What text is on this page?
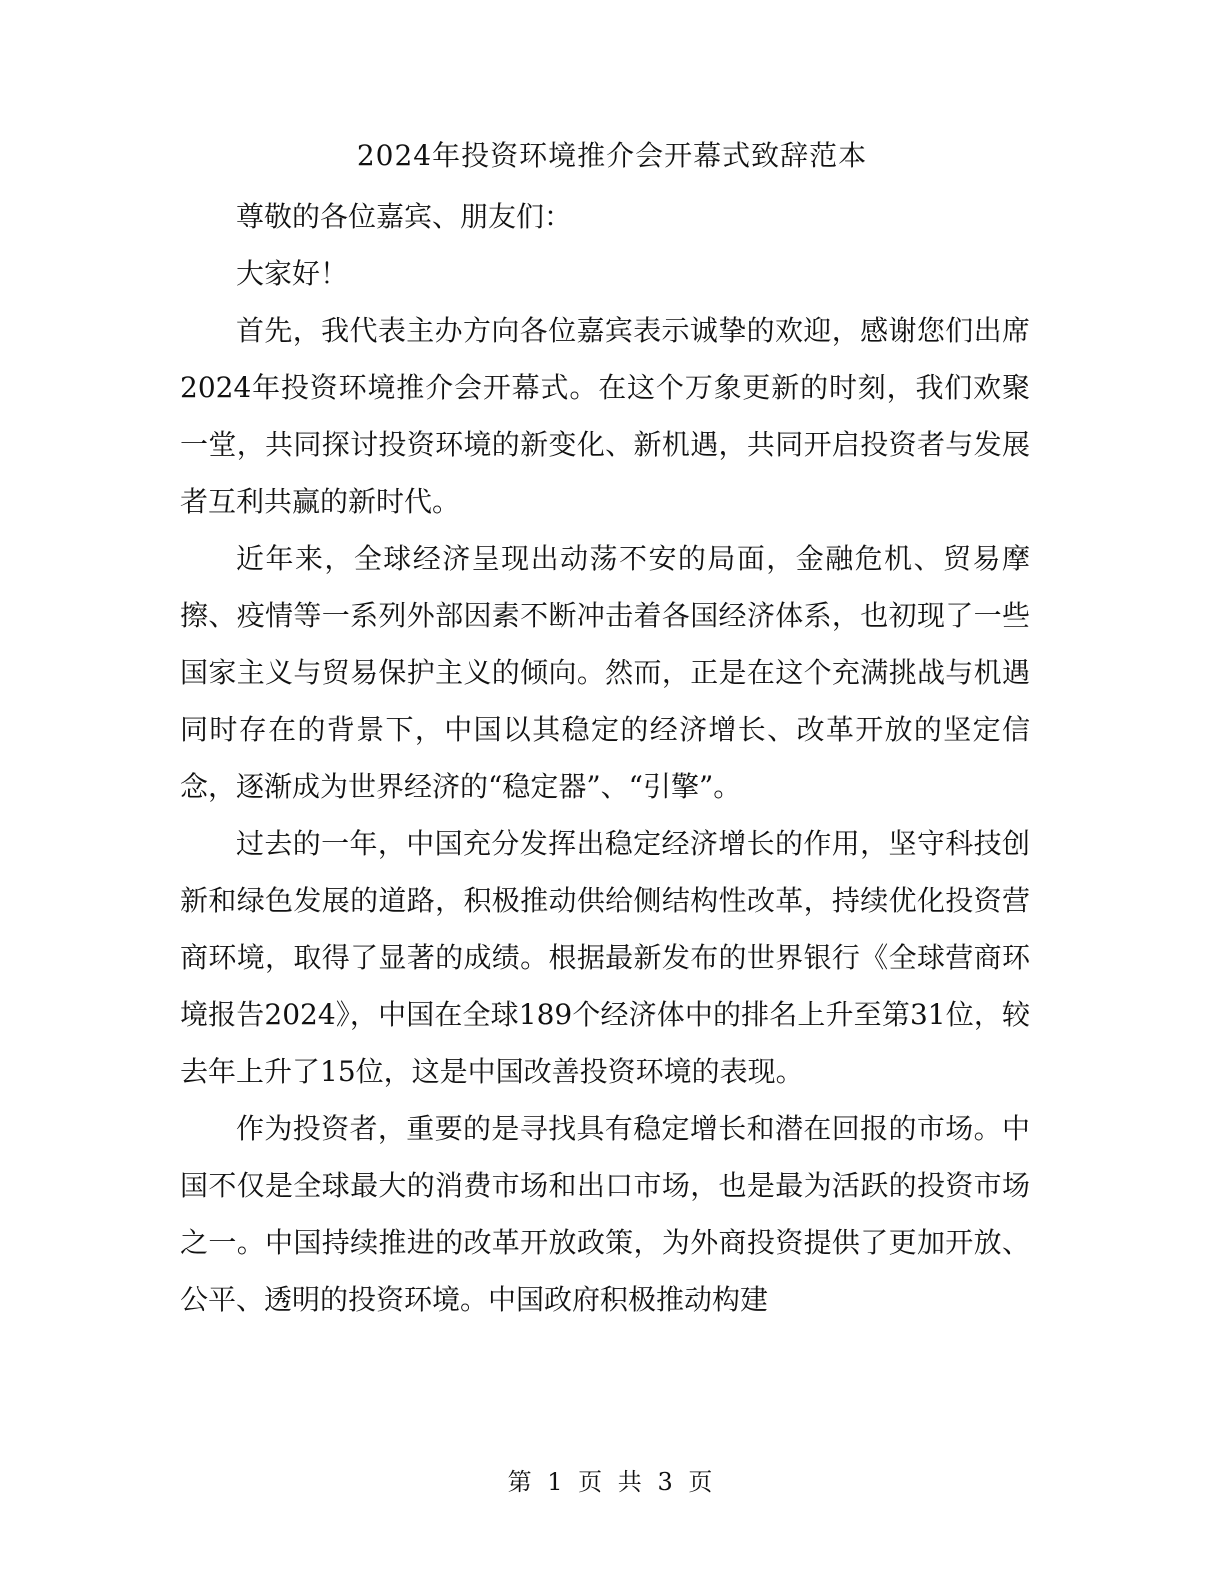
2024年投资环境推介会开幕式致辞范本

尊敬的各位嘉宾、朋友们：

大家好！

首先，我代表主办方向各位嘉宾表示诚挚的欢迎，感谢您们出席2024年投资环境推介会开幕式。在这个万象更新的时刻，我们欢聚一堂，共同探讨投资环境的新变化、新机遇，共同开启投资者与发展者互利共赢的新时代。

近年来，全球经济呈现出动荡不安的局面，金融危机、贸易摩擦、疫情等一系列外部因素不断冲击着各国经济体系，也初现了一些国家主义与贸易保护主义的倾向。然而，正是在这个充满挑战与机遇同时存在的背景下，中国以其稳定的经济增长、改革开放的坚定信念，逐渐成为世界经济的“稳定器”、“引擎”。

过去的一年，中国充分发挥出稳定经济增长的作用，坚守科技创新和绿色发展的道路，积极推动供给侧结构性改革，持续优化投资营商环境，取得了显著的成绩。根据最新发布的世界银行《全球营商环境报告2024》，中国在全球189个经济体中的排名上升至第31位，较去年上升了15位，这是中国改善投资环境的表现。

作为投资者，重要的是寻找具有稳定增长和潜在回报的市场。中国不仅是全球最大的消费市场和出口市场，也是最为活跃的投资市场之一。中国持续推进的改革开放政策，为外商投资提供了更加开放、公平、透明的投资环境。中国政府积极推动构建

第 1 页 共 3 页
